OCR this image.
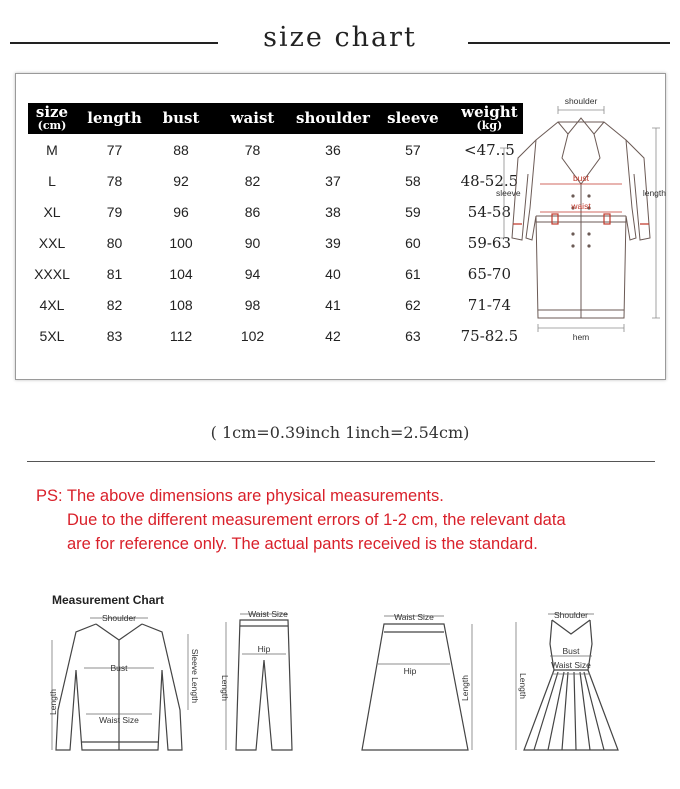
size chart
size
(cm)	length	bust	waist	shoulder	sleeve	weight
(kg)

M	77	88	78	36	57	<47..5
L	78	92	82	37	58	48-52.5
XL	79	96	86	38	59	54-58
XXL	80	100	90	39	60	59-63
XXXL	81	104	94	40	61	65-70
4XL	82	108	98	41	62	71-74
5XL	83	112	102	42	63	75-82.5
shoulder
bust
waist
sleeve	length
hem
( 1cm=0.39inch 1inch=2.54cm)
PS: The above dimensions are physical measurements.
Due to the different measurement errors of 1-2 cm, the relevant data
are for reference only. The actual pants received is the standard.
Measurement Chart
Shoulder
Bust
Waist Size
Length	Sleeve Length
Waist Size
Hip
Length
Waist Size
Hip
Length
Shoulder
Bust
Waist Size
Length
